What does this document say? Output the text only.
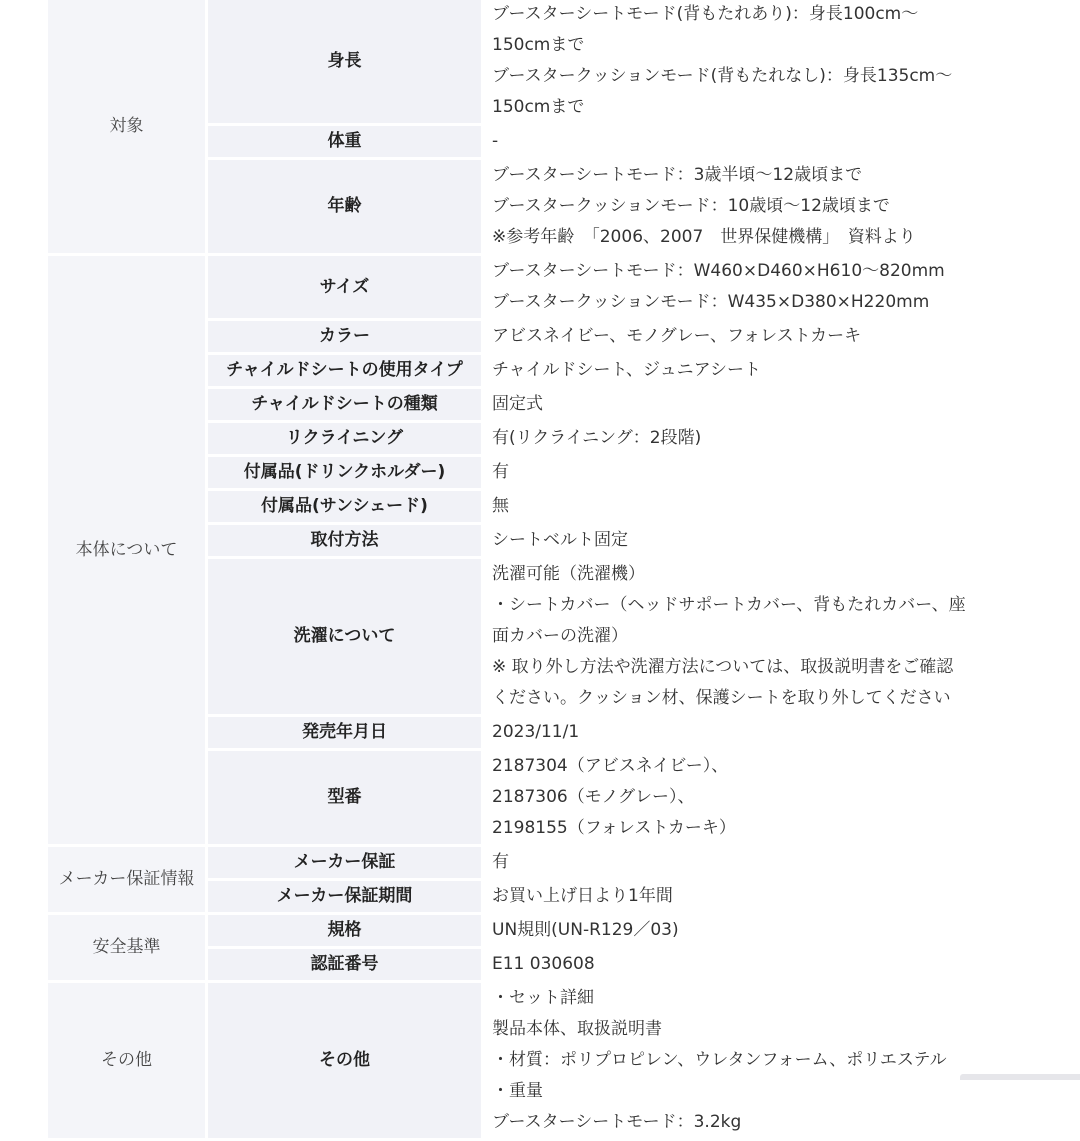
対象	身長	ブースターシートモード(背もたれあり)：身長100cm～
150cmまで
ブースタークッションモード(背もたれなし)：身長135cm～
150cmまで

	体重	-

	年齢	ブースターシートモード：3歳半頃～12歳頃まで
ブースタークッションモード：10歳頃～12歳頃まで
※参考年齢　「2006、2007　世界保健機構」　資料より

本体について	サイズ	ブースターシートモード：W460×D460×H610～820mm
ブースタークッションモード：W435×D380×H220mm

	カラー	アビスネイビー、モノグレー、フォレストカーキ

	チャイルドシートの使用タイプ	チャイルドシート、ジュニアシート

	チャイルドシートの種類	固定式

	リクライニング	有(リクライニング：2段階)

	付属品(ドリンクホルダー)	有

	付属品(サンシェード)	無

	取付方法	シートベルト固定

	洗濯について	洗濯可能（洗濯機）
・シートカバー（ヘッドサポートカバー、背もたれカバー、座
面カバーの洗濯）
※ 取り外し方法や洗濯方法については、取扱説明書をご確認
ください。クッション材、保護シートを取り外してください

	発売年月日	2023/11/1

	型番	2187304（アビスネイビー）、
2187306（モノグレー）、
2198155（フォレストカーキ）

メーカー保証情報	メーカー保証	有

	メーカー保証期間	お買い上げ日より1年間

安全基準	規格	UN規則(UN-R129／03)

	認証番号	E11 030608

その他	その他	・セット詳細
製品本体、取扱説明書
・材質：ポリプロピレン、ウレタンフォーム、ポリエステル
・重量
ブースターシートモード：3.2kg
